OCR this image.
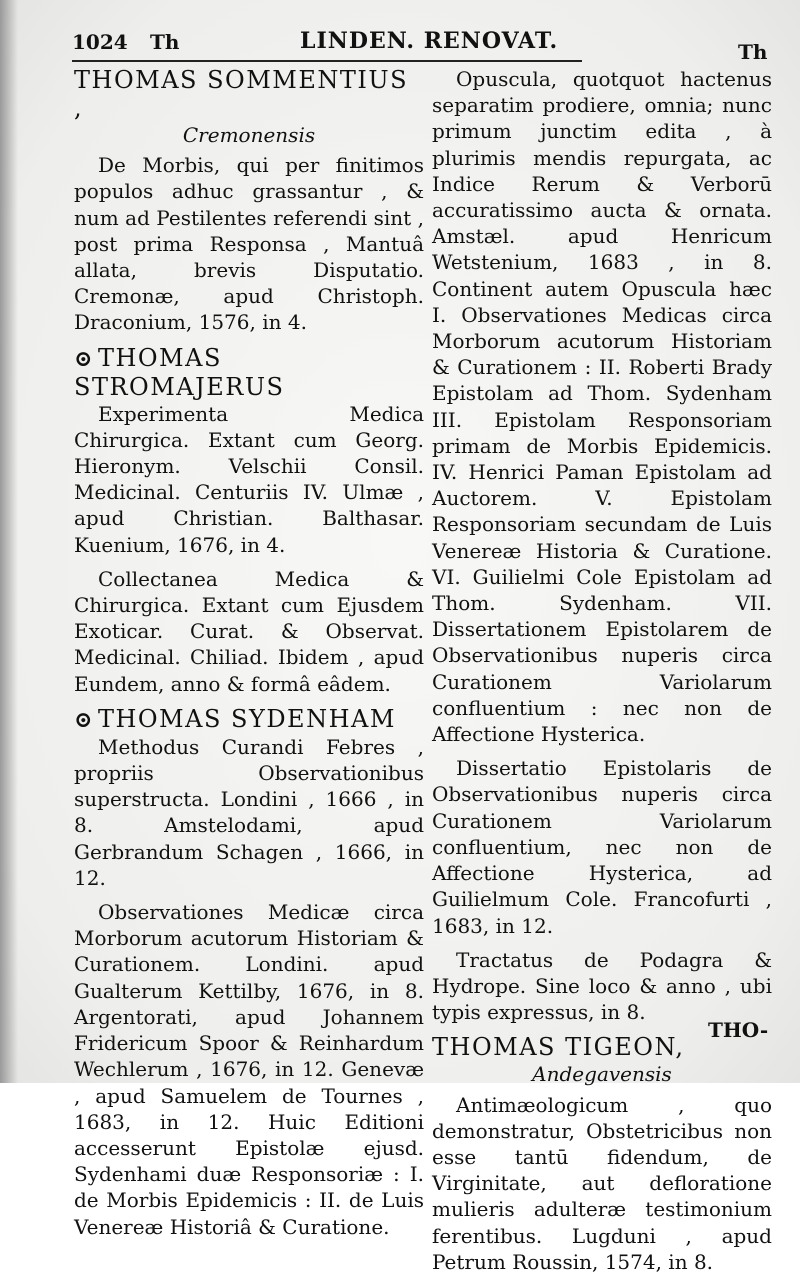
1024 Th	LINDEN. RENOVAT.	Th

THOMAS SOMMENTIUS ,

Cremonensis

De Morbis, qui per finitimos populos adhuc grassantur , & num ad Pestilentes referendi sint , post prima Responsa , Mantuâ allata, brevis Disputatio. Cremonæ, apud Christoph. Draconium, 1576, in 4.

⊙ THOMAS STROMAJERUS

Experimenta Medica Chirurgica. Extant cum Georg. Hieronym. Velschii Consil. Medicinal. Centuriis IV. Ulmæ , apud Christian. Balthasar. Kuenium, 1676, in 4.

Collectanea Medica & Chirurgica. Extant cum Ejusdem Exoticar. Curat. & Observat. Medicinal. Chiliad. Ibidem , apud Eundem, anno & formâ eâdem.

⊙ THOMAS SYDENHAM

Methodus Curandi Febres , propriis Observationibus superstructa. Londini , 1666 , in 8. Amstelodami, apud Gerbrandum Schagen , 1666, in 12.

Observationes Medicæ circa Morborum acutorum Historiam & Curationem. Londini. apud Gualterum Kettilby, 1676, in 8. Argentorati, apud Johannem Fridericum Spoor & Reinhardum Wechlerum , 1676, in 12. Genevæ , apud Samuelem de Tournes , 1683, in 12. Huic Editioni accesserunt Epistolæ ejusd. Sydenhami duæ Responsoriæ : I. de Morbis Epidemicis : II. de Luis Venereæ Historiâ & Curatione.

Opuscula, quotquot hactenus separatim prodiere, omnia; nunc primum junctim edita , à plurimis mendis repurgata, ac Indice Rerum & Verborū accuratissimo aucta & ornata. Amstæl. apud Henricum Wetstenium, 1683 , in 8. Continent autem Opuscula hæc I. Observationes Medicas circa Morborum acutorum Historiam & Curationem : II. Roberti Brady Epistolam ad Thom. Sydenham III. Epistolam Responsoriam primam de Morbis Epidemicis. IV. Henrici Paman Epistolam ad Auctorem. V. Epistolam Responsoriam secundam de Luis Venereæ Historia & Curatione. VI. Guilielmi Cole Epistolam ad Thom. Sydenham. VII. Dissertationem Epistolarem de Observationibus nuperis circa Curationem Variolarum confluentium : nec non de Affectione Hysterica.

Dissertatio Epistolaris de Observationibus nuperis circa Curationem Variolarum confluentium, nec non de Affectione Hysterica, ad Guilielmum Cole. Francofurti , 1683, in 12.

Tractatus de Podagra & Hydrope. Sine loco & anno , ubi typis expressus, in 8.

THOMAS TIGEON,

Andegavensis

Antimæologicum , quo demonstratur, Obstetricibus non esse tantū fidendum, de Virginitate, aut defloratione mulieris adulteræ testimonium ferentibus. Lugduni , apud Petrum Roussin, 1574, in 8.

THO-
